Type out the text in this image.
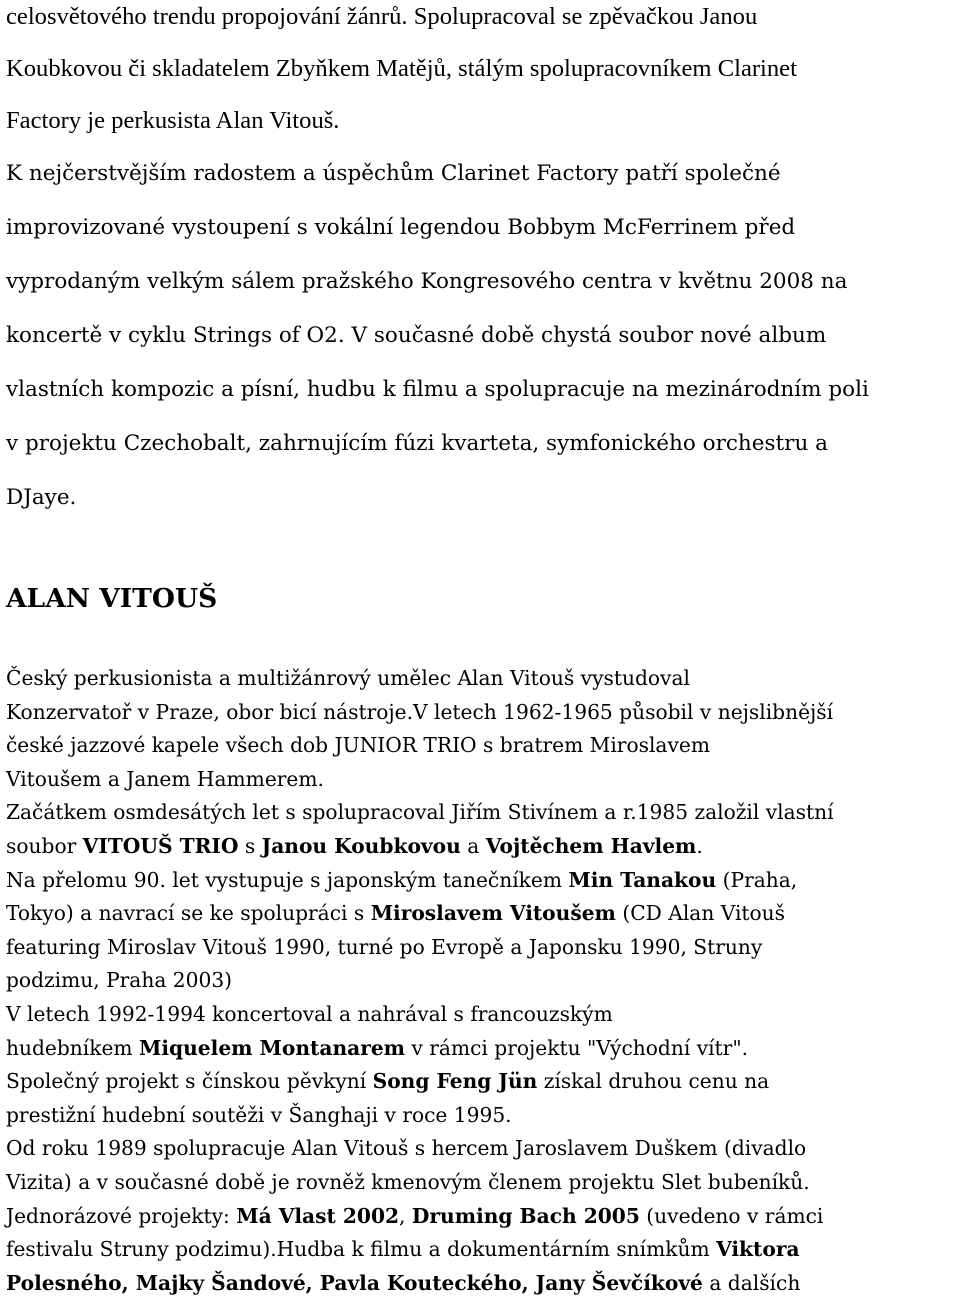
celosvětového trendu propojování žánrů. Spolupracoval se zpěvačkou Janou
Koubkovou či skladatelem Zbyňkem Matějů, stálým spolupracovníkem Clarinet
Factory je perkusista Alan Vitouš.

K nejčerstvějším radostem a úspěchům Clarinet Factory patří společné
improvizované vystoupení s vokální legendou Bobbym McFerrinem před
vyprodaným velkým sálem pražského Kongresového centra v květnu 2008 na
koncertě v cyklu Strings of O2. V současné době chystá soubor nové album
vlastních kompozic a písní, hudbu k filmu a spolupracuje na mezinárodním poli
v projektu Czechobalt, zahrnujícím fúzi kvarteta, symfonického orchestru a
DJaye.

ALAN VITOUŠ
Český perkusionista a multižánrový umělec Alan Vitouš vystudoval
Konzervatoř v Praze, obor bicí nástroje.V letech 1962-1965 působil v nejslibnější
české jazzové kapele všech dob JUNIOR TRIO s bratrem Miroslavem
Vitoušem a Janem Hammerem.
Začátkem osmdesátých let s spolupracoval Jiřím Stivínem a r.1985 založil vlastní
soubor VITOUŠ TRIO s Janou Koubkovou a Vojtěchem Havlem.
Na přelomu 90. let vystupuje s japonským tanečníkem Min Tanakou (Praha,
Tokyo) a navrací se ke spolupráci s Miroslavem Vitoušem (CD Alan Vitouš
featuring Miroslav Vitouš 1990, turné po Evropě a Japonsku 1990, Struny
podzimu, Praha 2003)
V letech 1992-1994 koncertoval a nahrával s francouzským
hudebníkem Miquelem Montanarem v rámci projektu "Východní vítr".
Společný projekt s čínskou pěvkyní Song Feng Jün získal druhou cenu na
prestižní hudební soutěži v Šanghaji v roce 1995.
Od roku 1989 spolupracuje Alan Vitouš s hercem Jaroslavem Duškem (divadlo
Vizita) a v současné době je rovněž kmenovým členem projektu Slet bubeníků.
Jednorázové projekty: Má Vlast 2002, Druming Bach 2005 (uvedeno v rámci
festivalu Struny podzimu).Hudba k filmu a dokumentárním snímkům Viktora
Polesného, Majky Šandové, Pavla Kouteckého, Jany Ševčíkové a dalších
